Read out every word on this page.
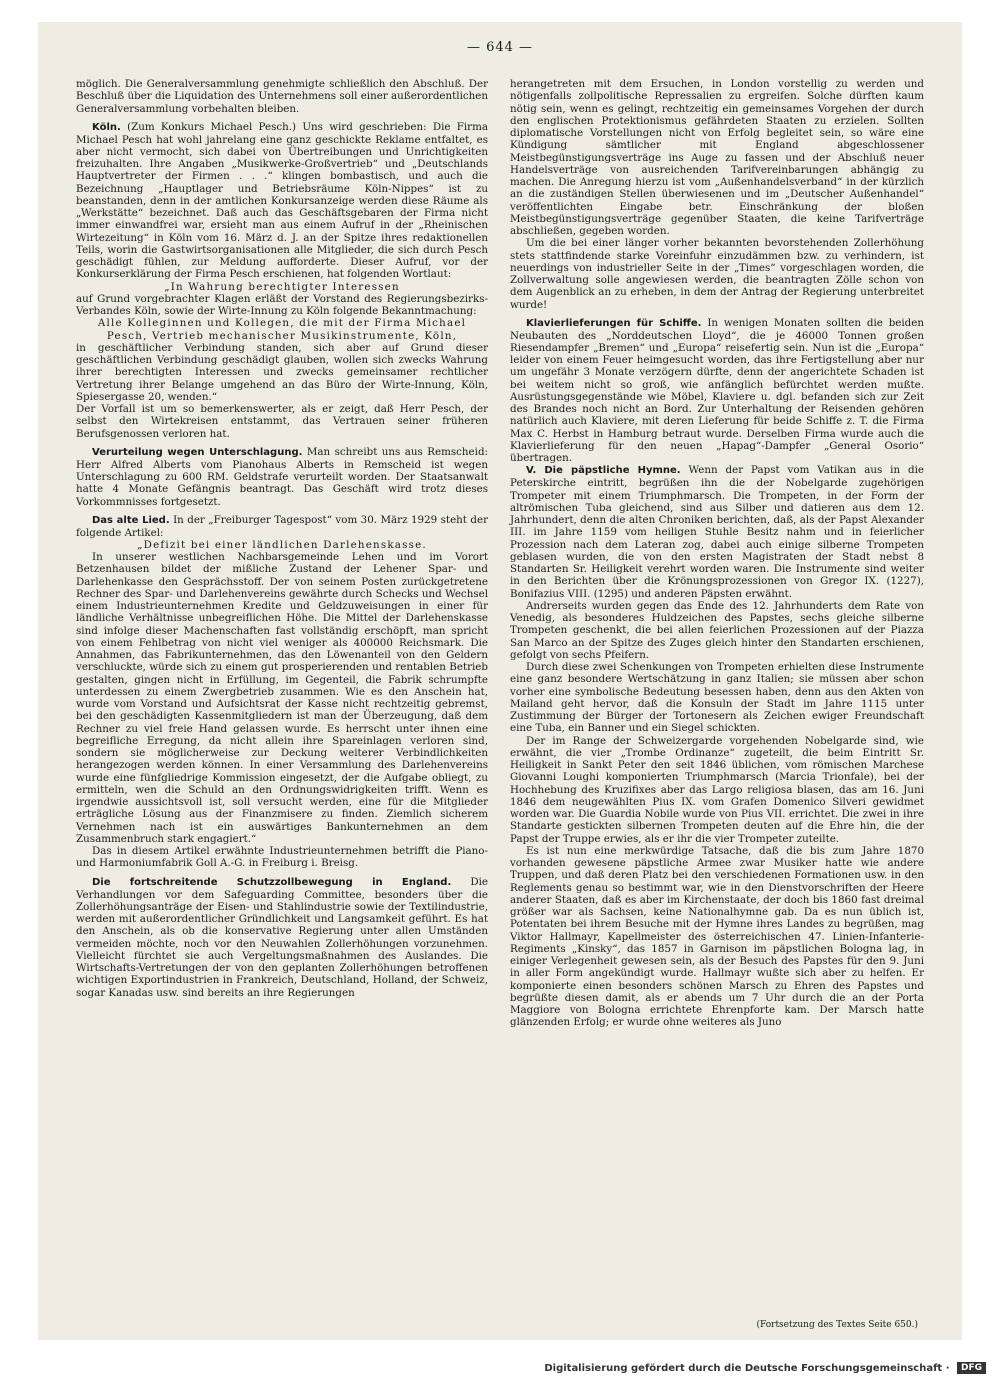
— 644 —

möglich. Die Generalversammlung genehmigte schließlich den Abschluß. Der Beschluß über die Liquidation des Unternehmens soll einer außerordentlichen Generalversammlung vorbehalten bleiben.

Köln. (Zum Konkurs Michael Pesch.) Uns wird geschrieben: Die Firma Michael Pesch hat wohl jahrelang eine ganz geschickte Reklame entfaltet, es aber nicht vermocht, sich dabei von Übertreibungen und Unrichtigkeiten freizuhalten. Ihre Angaben „Musikwerke-Großvertrieb“ und „Deutschlands Hauptvertreter der Firmen . . .“ klingen bombastisch, und auch die Bezeichnung „Hauptlager und Betriebsräume Köln-Nippes“ ist zu beanstanden, denn in der amtlichen Konkursanzeige werden diese Räume als „Werkstätte“ bezeichnet. Daß auch das Geschäftsgebaren der Firma nicht immer einwandfrei war, ersieht man aus einem Aufruf in der „Rheinischen Wirtezeitung“ in Köln vom 16. März d. J. an der Spitze ihres redaktionellen Teils, worin die Gastwirtsorganisationen alle Mitglieder, die sich durch Pesch geschädigt fühlen, zur Meldung aufforderte. Dieser Aufruf, vor der Konkurserklärung der Firma Pesch erschienen, hat folgenden Wortlaut:

„In Wahrung berechtigter Interessen

auf Grund vorgebrachter Klagen erläßt der Vorstand des Regierungsbezirks-Verbandes Köln, sowie der Wirte-Innung zu Köln folgende Bekanntmachung:

Alle Kolleginnen und Kollegen, die mit der Firma Michael Pesch, Vertrieb mechanischer Musikinstrumente, Köln,

in geschäftlicher Verbindung standen, sich aber auf Grund dieser geschäftlichen Verbindung geschädigt glauben, wollen sich zwecks Wahrung ihrer berechtigten Interessen und zwecks gemeinsamer rechtlicher Vertretung ihrer Belange umgehend an das Büro der Wirte-Innung, Köln, Spiesergasse 20, wenden.“

Der Vorfall ist um so bemerkenswerter, als er zeigt, daß Herr Pesch, der selbst den Wirtekreisen entstammt, das Vertrauen seiner früheren Berufsgenossen verloren hat.

Verurteilung wegen Unterschlagung. Man schreibt uns aus Remscheid: Herr Alfred Alberts vom Pianohaus Alberts in Remscheid ist wegen Unterschlagung zu 600 RM. Geldstrafe verurteilt worden. Der Staatsanwalt hatte 4 Monate Gefängnis beantragt. Das Geschäft wird trotz dieses Vorkommnisses fortgesetzt.

Das alte Lied. In der „Freiburger Tagespost“ vom 30. März 1929 steht der folgende Artikel:

„Defizit bei einer ländlichen Darlehenskasse.

In unserer westlichen Nachbarsgemeinde Lehen und im Vorort Betzenhausen bildet der mißliche Zustand der Lehener Spar- und Darlehenkasse den Gesprächsstoff. Der von seinem Posten zurückgetretene Rechner des Spar- und Darlehenvereins gewährte durch Schecks und Wechsel einem Industrieunternehmen Kredite und Geldzuweisungen in einer für ländliche Verhältnisse unbegreiflichen Höhe. Die Mittel der Darlehenskasse sind infolge dieser Machenschaften fast vollständig erschöpft, man spricht von einem Fehlbetrag von nicht viel weniger als 400000 Reichsmark. Die Annahmen, das Fabrikunternehmen, das den Löwenanteil von den Geldern verschluckte, würde sich zu einem gut prosperierenden und rentablen Betrieb gestalten, gingen nicht in Erfüllung, im Gegenteil, die Fabrik schrumpfte unterdessen zu einem Zwergbetrieb zusammen. Wie es den Anschein hat, wurde vom Vorstand und Aufsichtsrat der Kasse nicht rechtzeitig gebremst, bei den geschädigten Kassenmitgliedern ist man der Überzeugung, daß dem Rechner zu viel freie Hand gelassen wurde. Es herrscht unter ihnen eine begreifliche Erregung, da nicht allein ihre Spareinlagen verloren sind, sondern sie möglicherweise zur Deckung weiterer Verbindlichkeiten herangezogen werden können. In einer Versammlung des Darlehenvereins wurde eine fünfgliedrige Kommission eingesetzt, der die Aufgabe obliegt, zu ermitteln, wen die Schuld an den Ordnungswidrigkeiten trifft. Wenn es irgendwie aussichtsvoll ist, soll versucht werden, eine für die Mitglieder erträgliche Lösung aus der Finanzmisere zu finden. Ziemlich sicherem Vernehmen nach ist ein auswärtiges Bankunternehmen an dem Zusammenbruch stark engagiert.“

Das in diesem Artikel erwähnte Industrieunternehmen betrifft die Piano- und Harmoniumfabrik Goll A.-G. in Freiburg i. Breisg.

Die fortschreitende Schutzzollbewegung in England. Die Verhandlungen vor dem Safeguarding Committee, besonders über die Zollerhöhungsanträge der Eisen- und Stahlindustrie sowie der Textilindustrie, werden mit außerordentlicher Gründlichkeit und Langsamkeit geführt. Es hat den Anschein, als ob die konservative Regierung unter allen Umständen vermeiden möchte, noch vor den Neuwahlen Zollerhöhungen vorzunehmen. Vielleicht fürchtet sie auch Vergeltungsmaßnahmen des Auslandes. Die Wirtschafts-Vertretungen der von den geplanten Zollerhöhungen betroffenen wichtigen Exportindustrien in Frankreich, Deutschland, Holland, der Schweiz, sogar Kanadas usw. sind bereits an ihre Regierungen

herangetreten mit dem Ersuchen, in London vorstellig zu werden und nötigenfalls zollpolitische Repressalien zu ergreifen. Solche dürften kaum nötig sein, wenn es gelingt, rechtzeitig ein gemeinsames Vorgehen der durch den englischen Protektionismus gefährdeten Staaten zu erzielen. Sollten diplomatische Vorstellungen nicht von Erfolg begleitet sein, so wäre eine Kündigung sämtlicher mit England abgeschlossener Meistbegünstigungsverträge ins Auge zu fassen und der Abschluß neuer Handelsverträge von ausreichenden Tarifvereinbarungen abhängig zu machen. Die Anregung hierzu ist vom „Außenhandelsverband“ in der kürzlich an die zuständigen Stellen überwiesenen und im „Deutscher Außenhandel“ veröffentlichten Eingabe betr. Einschränkung der bloßen Meistbegünstigungsverträge gegenüber Staaten, die keine Tarifverträge abschließen, gegeben worden.

Um die bei einer länger vorher bekannten bevorstehenden Zollerhöhung stets stattfindende starke Voreinfuhr einzudämmen bzw. zu verhindern, ist neuerdings von industrieller Seite in der „Times“ vorgeschlagen worden, die Zollverwaltung solle angewiesen werden, die beantragten Zölle schon von dem Augenblick an zu erheben, in dem der Antrag der Regierung unterbreitet wurde!

Klavierlieferungen für Schiffe. In wenigen Monaten sollten die beiden Neubauten des „Norddeutschen Lloyd“, die je 46000 Tonnen großen Riesendampfer „Bremen“ und „Europa“ reisefertig sein. Nun ist die „Europa“ leider von einem Feuer heimgesucht worden, das ihre Fertigstellung aber nur um ungefähr 3 Monate verzögern dürfte, denn der angerichtete Schaden ist bei weitem nicht so groß, wie anfänglich befürchtet werden mußte. Ausrüstungsgegenstände wie Möbel, Klaviere u. dgl. befanden sich zur Zeit des Brandes noch nicht an Bord. Zur Unterhaltung der Reisenden gehören natürlich auch Klaviere, mit deren Lieferung für beide Schiffe z. T. die Firma Max C. Herbst in Hamburg betraut wurde. Derselben Firma wurde auch die Klavierlieferung für den neuen „Hapag“-Dampfer „General Osorio“ übertragen.

V. Die päpstliche Hymne. Wenn der Papst vom Vatikan aus in die Peterskirche eintritt, begrüßen ihn die der Nobelgarde zugehörigen Trompeter mit einem Triumphmarsch. Die Trompeten, in der Form der altrömischen Tuba gleichend, sind aus Silber und datieren aus dem 12. Jahrhundert, denn die alten Chroniken berichten, daß, als der Papst Alexander III. im Jahre 1159 vom heiligen Stuhle Besitz nahm und in feierlicher Prozession nach dem Lateran zog, dabei auch einige silberne Trompeten geblasen wurden, die von den ersten Magistraten der Stadt nebst 8 Standarten Sr. Heiligkeit verehrt worden waren. Die Instrumente sind weiter in den Berichten über die Krönungsprozessionen von Gregor IX. (1227), Bonifazius VIII. (1295) und anderen Päpsten erwähnt.

Andrerseits wurden gegen das Ende des 12. Jahrhunderts dem Rate von Venedig, als besonderes Huldzeichen des Papstes, sechs gleiche silberne Trompeten geschenkt, die bei allen feierlichen Prozessionen auf der Piazza San Marco an der Spitze des Zuges gleich hinter den Standarten erschienen, gefolgt von sechs Pfeifern.

Durch diese zwei Schenkungen von Trompeten erhielten diese Instrumente eine ganz besondere Wertschätzung in ganz Italien; sie müssen aber schon vorher eine symbolische Bedeutung besessen haben, denn aus den Akten von Mailand geht hervor, daß die Konsuln der Stadt im Jahre 1115 unter Zustimmung der Bürger der Tortonesern als Zeichen ewiger Freundschaft eine Tuba, ein Banner und ein Siegel schickten.

Der im Range der Schweizergarde vorgehenden Nobelgarde sind, wie erwähnt, die vier „Trombe Ordinanze“ zugeteilt, die beim Eintritt Sr. Heiligkeit in Sankt Peter den seit 1846 üblichen, vom römischen Marchese Giovanni Loughi komponierten Triumphmarsch (Marcia Trionfale), bei der Hochhebung des Kruzifixes aber das Largo religiosa blasen, das am 16. Juni 1846 dem neugewählten Pius IX. vom Grafen Domenico Silveri gewidmet worden war. Die Guardia Nobile wurde von Pius VII. errichtet. Die zwei in ihre Standarte gestickten silbernen Trompeten deuten auf die Ehre hin, die der Papst der Truppe erwies, als er ihr die vier Trompeter zuteilte.

Es ist nun eine merkwürdige Tatsache, daß die bis zum Jahre 1870 vorhanden gewesene päpstliche Armee zwar Musiker hatte wie andere Truppen, und daß deren Platz bei den verschiedenen Formationen usw. in den Reglements genau so bestimmt war, wie in den Dienstvorschriften der Heere anderer Staaten, daß es aber im Kirchenstaate, der doch bis 1860 fast dreimal größer war als Sachsen, keine Nationalhymne gab. Da es nun üblich ist, Potentaten bei ihrem Besuche mit der Hymne ihres Landes zu begrüßen, mag Viktor Hallmayr, Kapellmeister des österreichischen 47. Linien-Infanterie-Regiments „Kinsky“, das 1857 in Garnison im päpstlichen Bologna lag, in einiger Verlegenheit gewesen sein, als der Besuch des Papstes für den 9. Juni in aller Form angekündigt wurde. Hallmayr wußte sich aber zu helfen. Er komponierte einen besonders schönen Marsch zu Ehren des Papstes und begrüßte diesen damit, als er abends um 7 Uhr durch die an der Porta Maggiore von Bologna errichtete Ehrenpforte kam. Der Marsch hatte glänzenden Erfolg; er wurde ohne weiteres als Juno

(Fortsetzung des Textes Seite 650.)
Digitalisierung gefördert durch die Deutsche Forschungsgemeinschaft · DFG
